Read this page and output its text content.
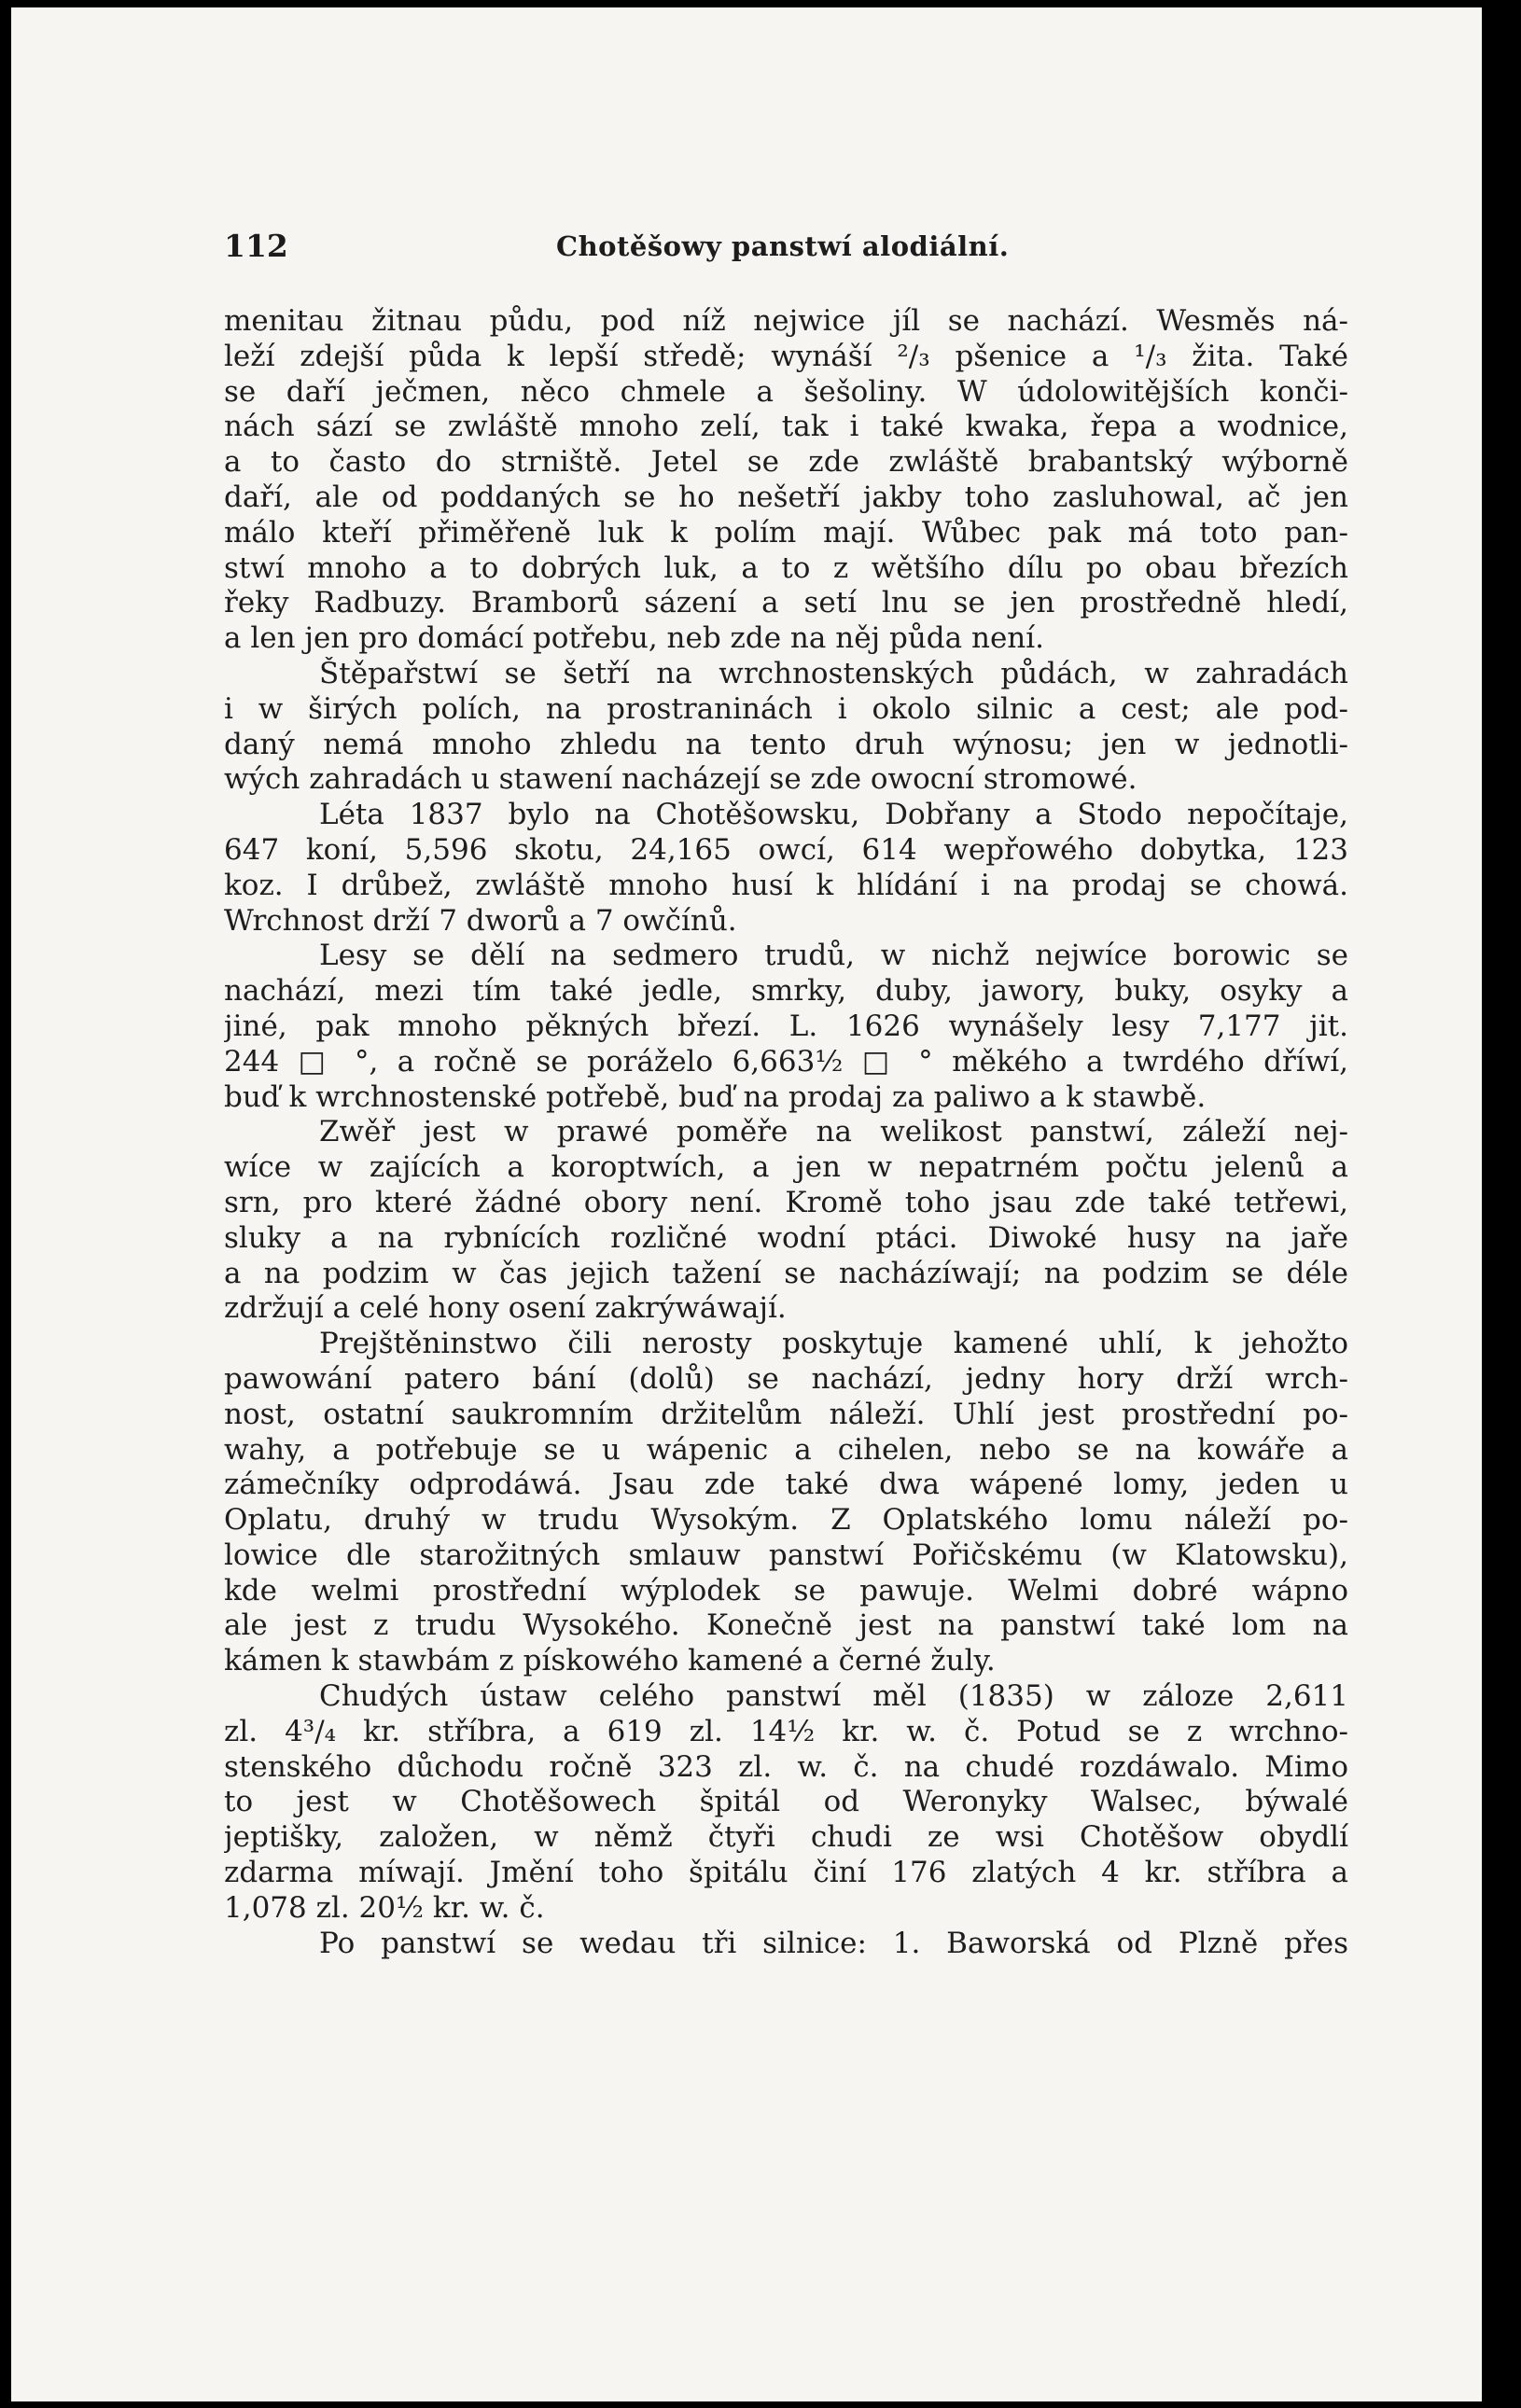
112	Chotěšowy panstwí alodiální.
menitau žitnau půdu, pod níž nejwice jíl se nachází. Wesměs ná-
leží zdejší půda k lepší středě; wynáší ²/₃ pšenice a ¹/₃ žita. Také
se daří ječmen, něco chmele a šešoliny. W údolowitějších konči-
nách sází se zwláště mnoho zelí, tak i také kwaka, řepa a wodnice,
a to často do strniště. Jetel se zde zwláště brabantský wýborně
daří, ale od poddaných se ho nešetří jakby toho zasluhowal, ač jen
málo kteří přiměřeně luk k polím mají. Wůbec pak má toto pan-
stwí mnoho a to dobrých luk, a to z wětšího dílu po obau březích
řeky Radbuzy. Bramborů sázení a setí lnu se jen prostředně hledí,
a len jen pro domácí potřebu, neb zde na něj půda není.
Štěpařstwí se šetří na wrchnostenských půdách, w zahradách
i w širých polích, na prostraninách i okolo silnic a cest; ale pod-
daný nemá mnoho zhledu na tento druh wýnosu; jen w jednotli-
wých zahradách u stawení nacházejí se zde owocní stromowé.
Léta 1837 bylo na Chotěšowsku, Dobřany a Stodo nepočítaje,
647 koní, 5,596 skotu, 24,165 owcí, 614 wepřowého dobytka, 123
koz. I drůbež, zwláště mnoho husí k hlídání i na prodaj se chowá.
Wrchnost drží 7 dworů a 7 owčínů.
Lesy se dělí na sedmero trudů, w nichž nejwíce borowic se
nachází, mezi tím také jedle, smrky, duby, jawory, buky, osyky a
jiné, pak mnoho pěkných březí. L. 1626 wynášely lesy 7,177 jit.
244 □ °, a ročně se poráželo 6,663½ □ ° měkého a twrdého dříwí,
buď k wrchnostenské potřebě, buď na prodaj za paliwo a k stawbě.
Zwěř jest w prawé poměře na welikost panstwí, záleží nej-
wíce w zajících a koroptwích, a jen w nepatrném počtu jelenů a
srn, pro které žádné obory není. Kromě toho jsau zde také tetřewi,
sluky a na rybnících rozličné wodní ptáci. Diwoké husy na jaře
a na podzim w čas jejich tažení se nacházíwají; na podzim se déle
zdržují a celé hony osení zakrýwáwají.
Prejštěninstwo čili nerosty poskytuje kamené uhlí, k jehožto
pawowání patero bání (dolů) se nachází, jedny hory drží wrch-
nost, ostatní saukromním držitelům náleží. Uhlí jest prostřední po-
wahy, a potřebuje se u wápenic a cihelen, nebo se na kowáře a
zámečníky odprodáwá. Jsau zde také dwa wápené lomy, jeden u
Oplatu, druhý w trudu Wysokým. Z Oplatského lomu náleží po-
lowice dle starožitných smlauw panstwí Pořičskému (w Klatowsku),
kde welmi prostřední wýplodek se pawuje. Welmi dobré wápno
ale jest z trudu Wysokého. Konečně jest na panstwí také lom na
kámen k stawbám z pískowého kamené a černé žuly.
Chudých ústaw celého panstwí měl (1835) w záloze 2,611
zl. 4³/₄ kr. stříbra, a 619 zl. 14½ kr. w. č. Potud se z wrchno-
stenského důchodu ročně 323 zl. w. č. na chudé rozdáwalo. Mimo
to jest w Chotěšowech špitál od Weronyky Walsec, býwalé
jeptišky, založen, w němž čtyři chudi ze wsi Chotěšow obydlí
zdarma míwají. Jmění toho špitálu činí 176 zlatých 4 kr. stříbra a
1,078 zl. 20½ kr. w. č.
Po panstwí se wedau tři silnice: 1. Baworská od Plzně přes
